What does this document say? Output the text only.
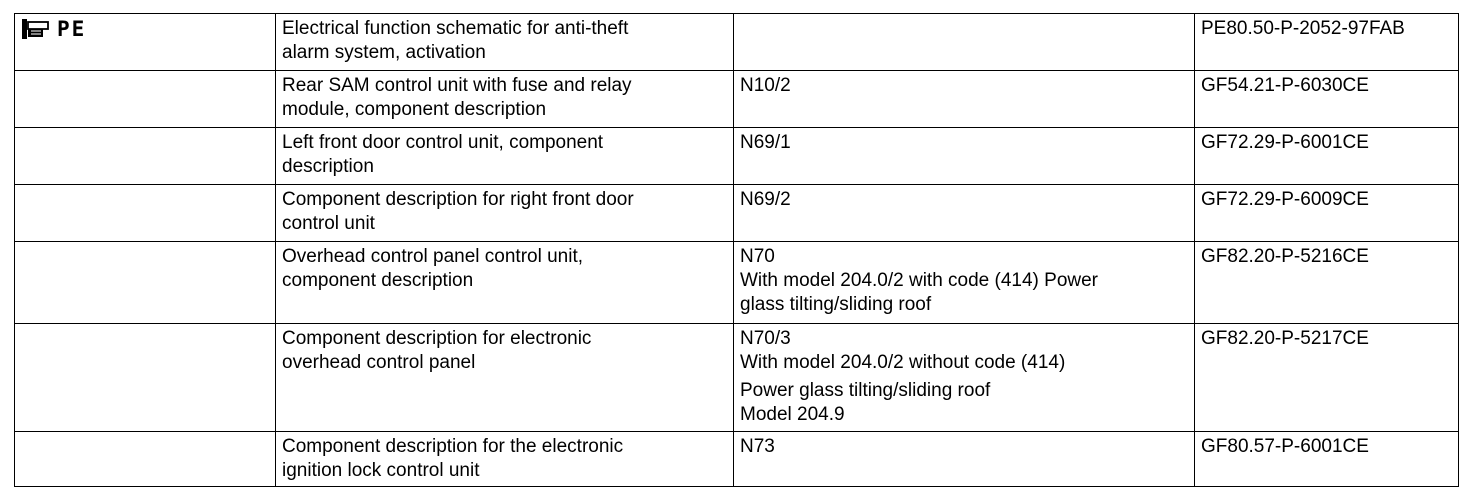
PE	Electrical function schematic for anti-theft
alarm system, activation		PE80.50-P-2052-97FAB

	Rear SAM control unit with fuse and relay
module, component description	N10/2	GF54.21-P-6030CE

	Left front door control unit, component
description	N69/1	GF72.29-P-6001CE

	Component description for right front door
control unit	N69/2	GF72.29-P-6009CE

	Overhead control panel control unit,
component description	N70
With model 204.0/2 with code (414) Power
glass tilting/sliding roof	GF82.20-P-5216CE

	Component description for electronic
overhead control panel	N70/3
With model 204.0/2 without code (414)
Power glass tilting/sliding roof
Model 204.9	GF82.20-P-5217CE

	Component description for the electronic
ignition lock control unit	N73	GF80.57-P-6001CE
